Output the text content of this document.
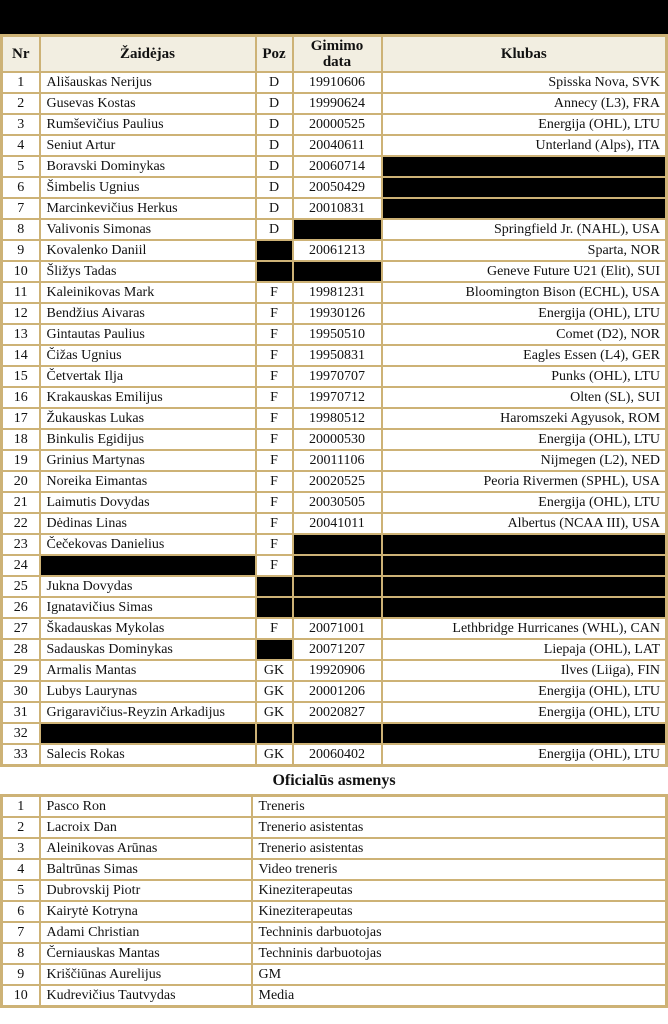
Nr	Žaidėjas	Poz	Gimimo data	Klubas
1	Ališauskas Nerijus	D	19910606	Spisska Nova, SVK
2	Gusevas Kostas	D	19990624	Annecy (L3), FRA
3	Rumševičius Paulius	D	20000525	Energija (OHL), LTU
4	Seniut Artur	D	20040611	Unterland (Alps), ITA
5	Boravski Dominykas	D	20060714	
6	Šimbelis Ugnius	D	20050429	
7	Marcinkevičius Herkus	D	20010831	
8	Valivonis Simonas	D		Springfield Jr. (NAHL), USA
9	Kovalenko Daniil		20061213	Sparta, NOR
10	Šližys Tadas			Geneve Future U21 (Elit), SUI
11	Kaleinikovas Mark	F	19981231	Bloomington Bison (ECHL), USA
12	Bendžius Aivaras	F	19930126	Energija (OHL), LTU
13	Gintautas Paulius	F	19950510	Comet (D2), NOR
14	Čižas Ugnius	F	19950831	Eagles Essen (L4), GER
15	Četvertak Ilja	F	19970707	Punks (OHL), LTU
16	Krakauskas Emilijus	F	19970712	Olten (SL), SUI
17	Žukauskas Lukas	F	19980512	Haromszeki Agyusok, ROM
18	Binkulis Egidijus	F	20000530	Energija (OHL), LTU
19	Grinius Martynas	F	20011106	Nijmegen (L2), NED
20	Noreika Eimantas	F	20020525	Peoria Rivermen (SPHL), USA
21	Laimutis Dovydas	F	20030505	Energija (OHL), LTU
22	Dėdinas Linas	F	20041011	Albertus (NCAA III), USA
23	Čečekovas Danielius	F		
24		F		
25	Jukna Dovydas			
26	Ignatavičius Simas			
27	Škadauskas Mykolas	F	20071001	Lethbridge Hurricanes (WHL), CAN
28	Sadauskas Dominykas		20071207	Liepaja (OHL), LAT
29	Armalis Mantas	GK	19920906	Ilves (Liiga), FIN
30	Lubys Laurynas	GK	20001206	Energija (OHL), LTU
31	Grigaravičius-Reyzin Arkadijus	GK	20020827	Energija (OHL), LTU
32				
33	Salecis Rokas	GK	20060402	Energija (OHL), LTU
Oficialūs asmenys
1	Pasco Ron	Treneris
2	Lacroix Dan	Trenerio asistentas
3	Aleinikovas Arūnas	Trenerio asistentas
4	Baltrūnas Simas	Video treneris
5	Dubrovskij Piotr	Kineziterapeutas
6	Kairytė Kotryna	Kineziterapeutas
7	Adami Christian	Techninis darbuotojas
8	Černiauskas Mantas	Techninis darbuotojas
9	Kriščiūnas Aurelijus	GM
10	Kudrevičius Tautvydas	Media
